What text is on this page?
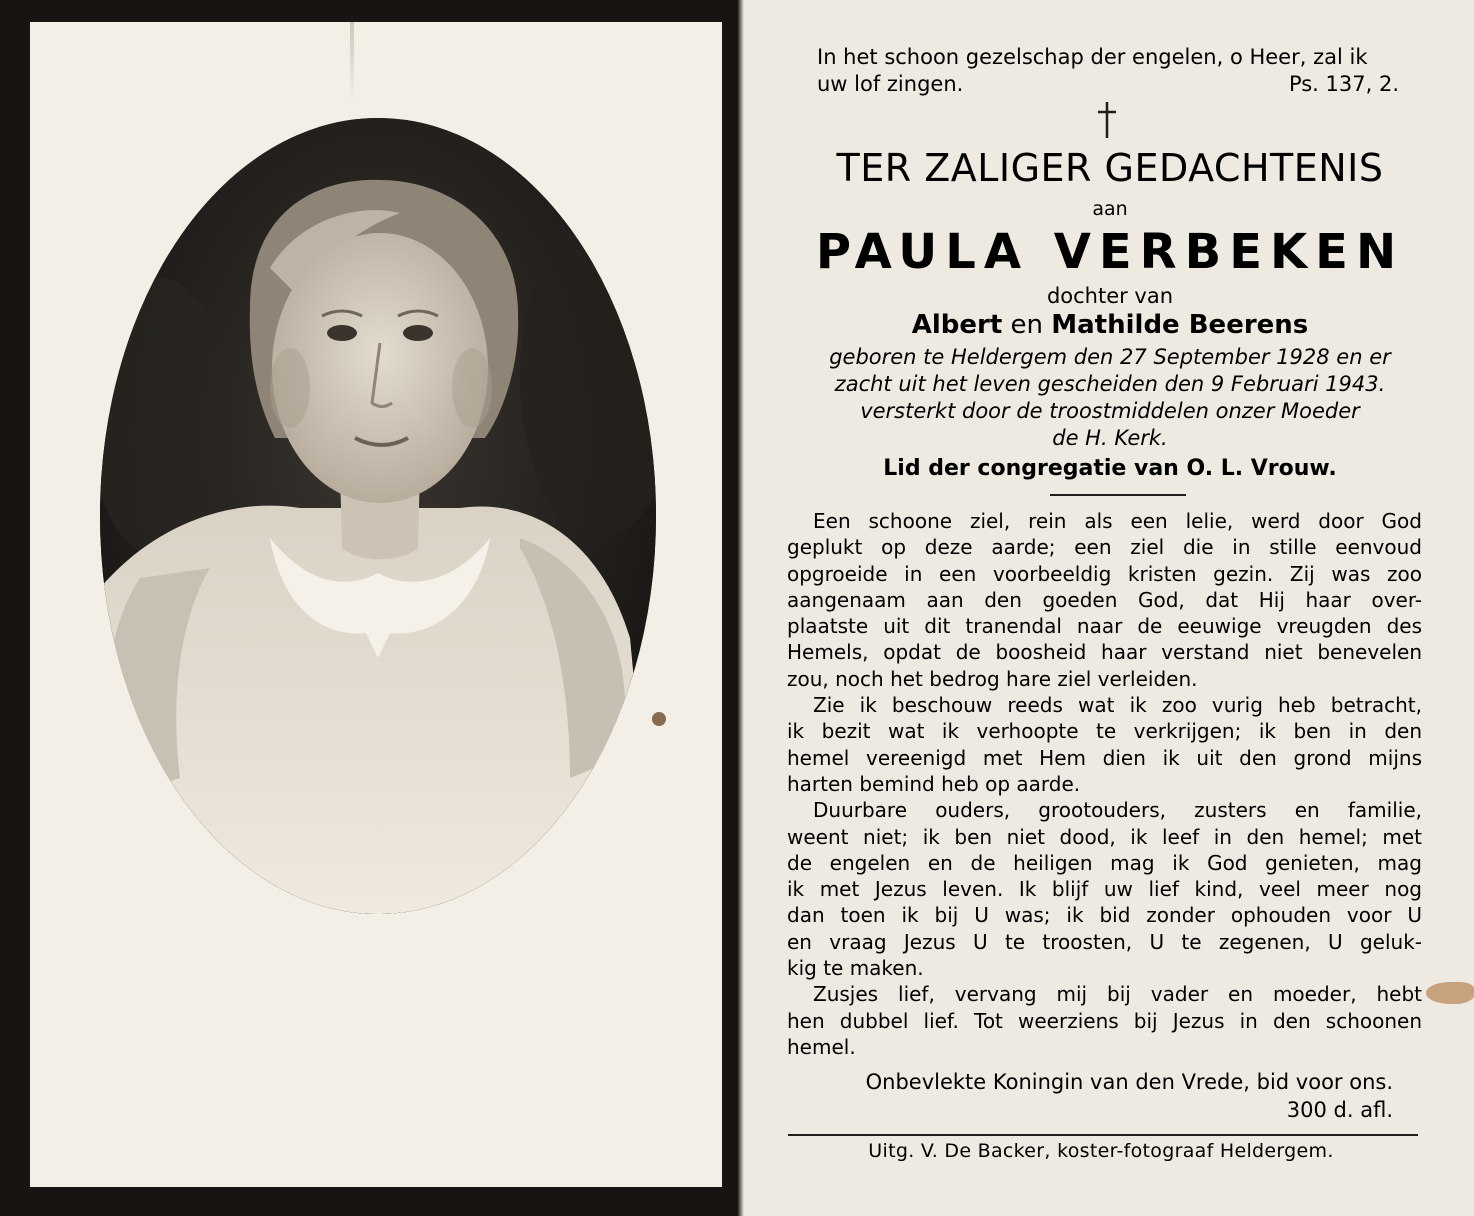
In het schoon gezelschap der engelen, o Heer, zal ik
uw lof zingen.	Ps. 137, 2.
TER ZALIGER GEDACHTENIS
aan
PAULA VERBEKEN
dochter van
Albert en Mathilde Beerens
geboren te Heldergem den 27 September 1928 en er
zacht uit het leven gescheiden den 9 Februari 1943.
versterkt door de troostmiddelen onzer Moeder
de H. Kerk.
Lid der congregatie van O. L. Vrouw.
Een schoone ziel, rein als een lelie, werd door God
geplukt op deze aarde; een ziel die in stille eenvoud
opgroeide in een voorbeeldig kristen gezin. Zij was zoo
aangenaam aan den goeden God, dat Hij haar over-
plaatste uit dit tranendal naar de eeuwige vreugden des
Hemels, opdat de boosheid haar verstand niet benevelen
zou, noch het bedrog hare ziel verleiden.
Zie ik beschouw reeds wat ik zoo vurig heb betracht,
ik bezit wat ik verhoopte te verkrijgen; ik ben in den
hemel vereenigd met Hem dien ik uit den grond mijns
harten bemind heb op aarde.
Duurbare ouders, grootouders, zusters en familie,
weent niet; ik ben niet dood, ik leef in den hemel; met
de engelen en de heiligen mag ik God genieten, mag
ik met Jezus leven. Ik blijf uw lief kind, veel meer nog
dan toen ik bij U was; ik bid zonder ophouden voor U
en vraag Jezus U te troosten, U te zegenen, U geluk-
kig te maken.
Zusjes lief, vervang mij bij vader en moeder, hebt
hen dubbel lief. Tot weerziens bij Jezus in den schoonen
hemel.
Onbevlekte Koningin van den Vrede, bid voor ons.
300 d. afl.
Uitg. V. De Backer, koster-fotograaf Heldergem.
